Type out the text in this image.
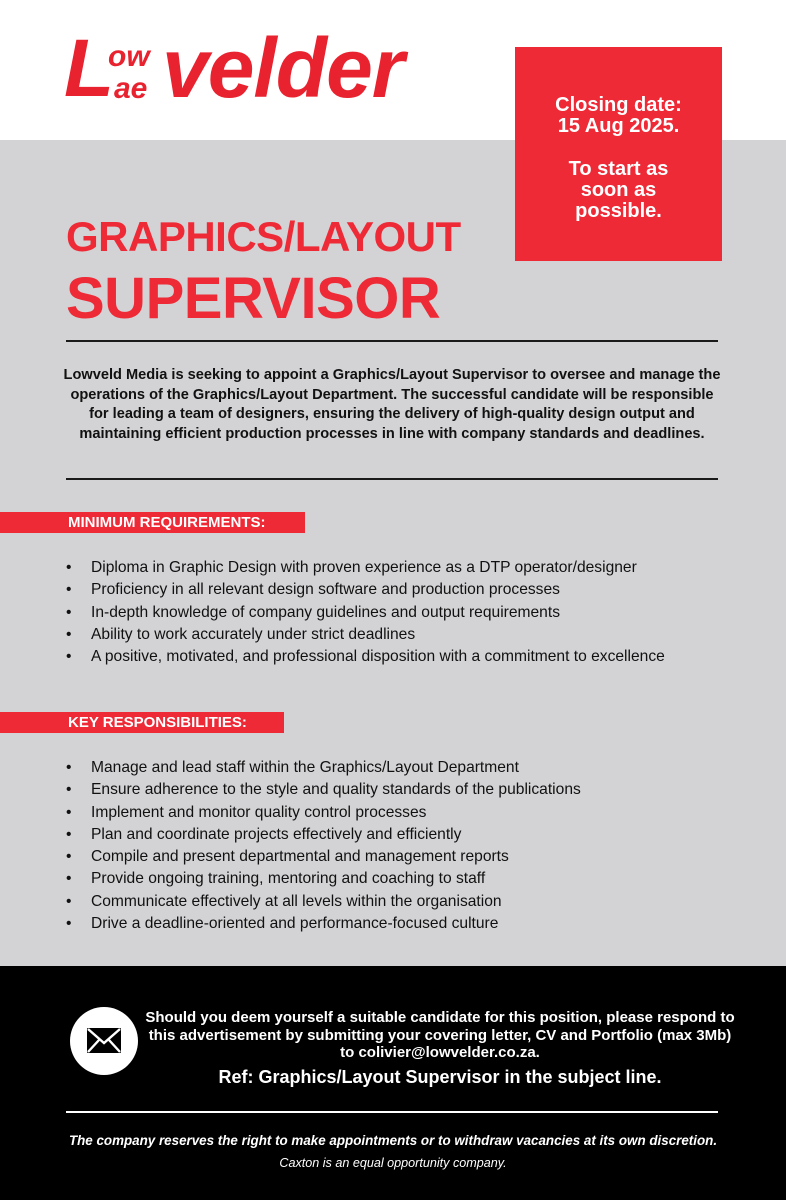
L
ow
ae velder	Closing date:
15 Aug 2025.
To start as
soon as
possible.
GRAPHICS/LAYOUT
SUPERVISOR

Lowveld Media is seeking to appoint a Graphics/Layout Supervisor to oversee and manage the operations of the Graphics/Layout Department. The successful candidate will be responsible for leading a team of designers, ensuring the delivery of high-quality design output and maintaining efficient production processes in line with company standards and deadlines.

MINIMUM REQUIREMENTS:
• Diploma in Graphic Design with proven experience as a DTP operator/designer
• Proficiency in all relevant design software and production processes
• In-depth knowledge of company guidelines and output requirements
• Ability to work accurately under strict deadlines
• A positive, motivated, and professional disposition with a commitment to excellence
KEY RESPONSIBILITIES:
• Manage and lead staff within the Graphics/Layout Department
• Ensure adherence to the style and quality standards of the publications
• Implement and monitor quality control processes
• Plan and coordinate projects effectively and efficiently
• Compile and present departmental and management reports
• Provide ongoing training, mentoring and coaching to staff
• Communicate effectively at all levels within the organisation
• Drive a deadline-oriented and performance-focused culture

Should you deem yourself a suitable candidate for this position, please respond to this advertisement by submitting your covering letter, CV and Portfolio (max 3Mb) to colivier@lowvelder.co.za.

Ref: Graphics/Layout Supervisor in the subject line.

The company reserves the right to make appointments or to withdraw vacancies at its own discretion.

Caxton is an equal opportunity company.
